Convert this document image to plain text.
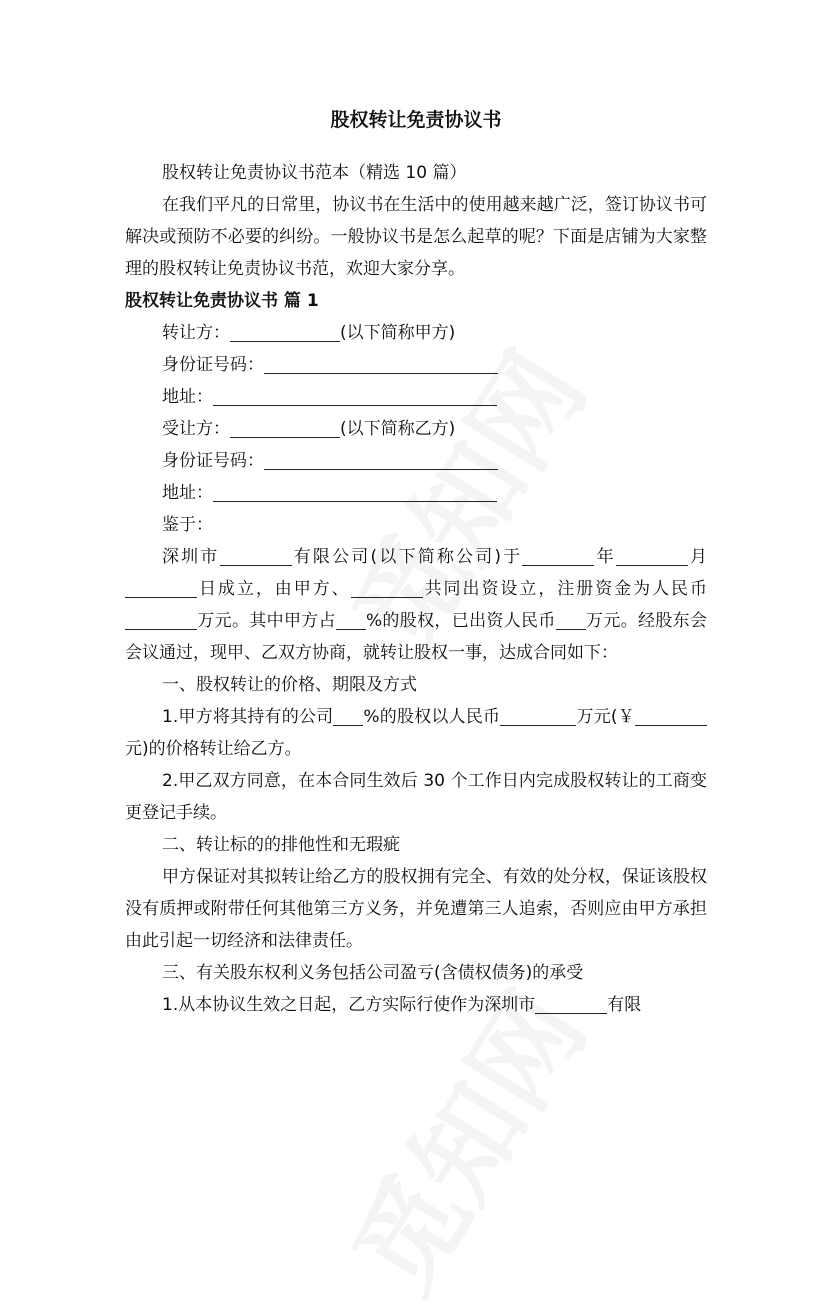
股权转让免责协议书

股权转让免责协议书范本（精选 10 篇）

在我们平凡的日常里，协议书在生活中的使用越来越广泛，签订协议书可解决或预防不必要的纠纷。一般协议书是怎么起草的呢？下面是店铺为大家整理的股权转让免责协议书范，欢迎大家分享。

股权转让免责协议书 篇 1

转让方：	(以下简称甲方)

身份证号码：

地址：

受让方：	(以下简称乙方)

身份证号码：

地址：

鉴于：

深圳市	有限公司(以下简称公司)于	年	月日成立，由甲方、	共同出资设立，注册资金为人民币万元。其中甲方占 %的股权，已出资人民币 万元。经股东会会议通过，现甲、乙双方协商，就转让股权一事，达成合同如下：

一、股权转让的价格、期限及方式

1.甲方将其持有的公司 %的股权以人民币	万元(￥元)的价格转让给乙方。

2.甲乙双方同意，在本合同生效后 30 个工作日内完成股权转让的工商变更登记手续。

二、转让标的的排他性和无瑕疵

甲方保证对其拟转让给乙方的股权拥有完全、有效的处分权，保证该股权没有质押或附带任何其他第三方义务，并免遭第三人追索，否则应由甲方承担由此引起一切经济和法律责任。

三、有关股东权利义务包括公司盈亏(含债权债务)的承受

1.从本协议生效之日起，乙方实际行使作为深圳市	有限
